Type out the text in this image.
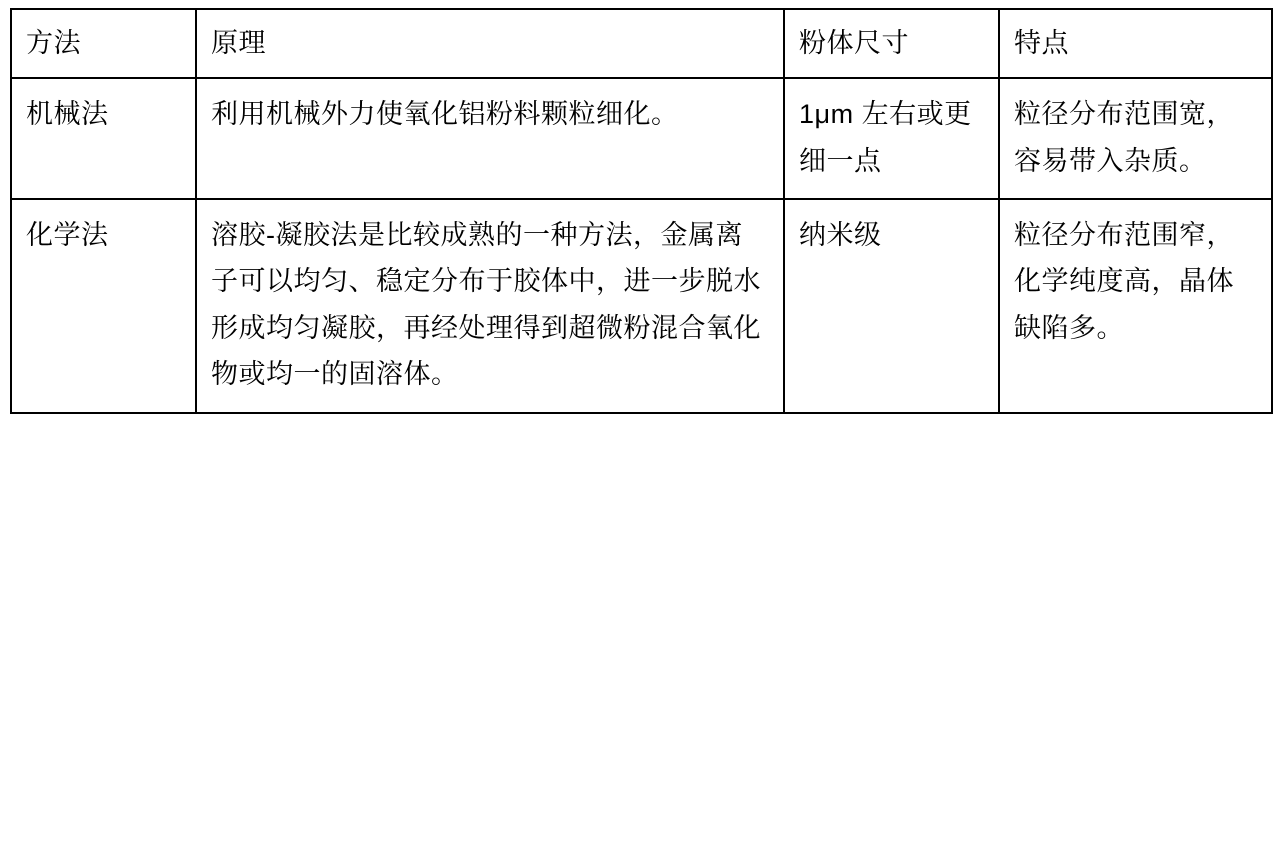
方法	原理	粉体尺寸	特点

机械法	利用机械外力使氧化铝粉料颗粒细化。	1μm 左右或更细一点	粒径分布范围宽，容易带入杂质。

化学法	溶胶-凝胶法是比较成熟的一种方法，金属离子可以均匀、稳定分布于胶体中，进一步脱水形成均匀凝胶，再经处理得到超微粉混合氧化物或均一的固溶体。	纳米级	粒径分布范围窄，化学纯度高，晶体缺陷多。
